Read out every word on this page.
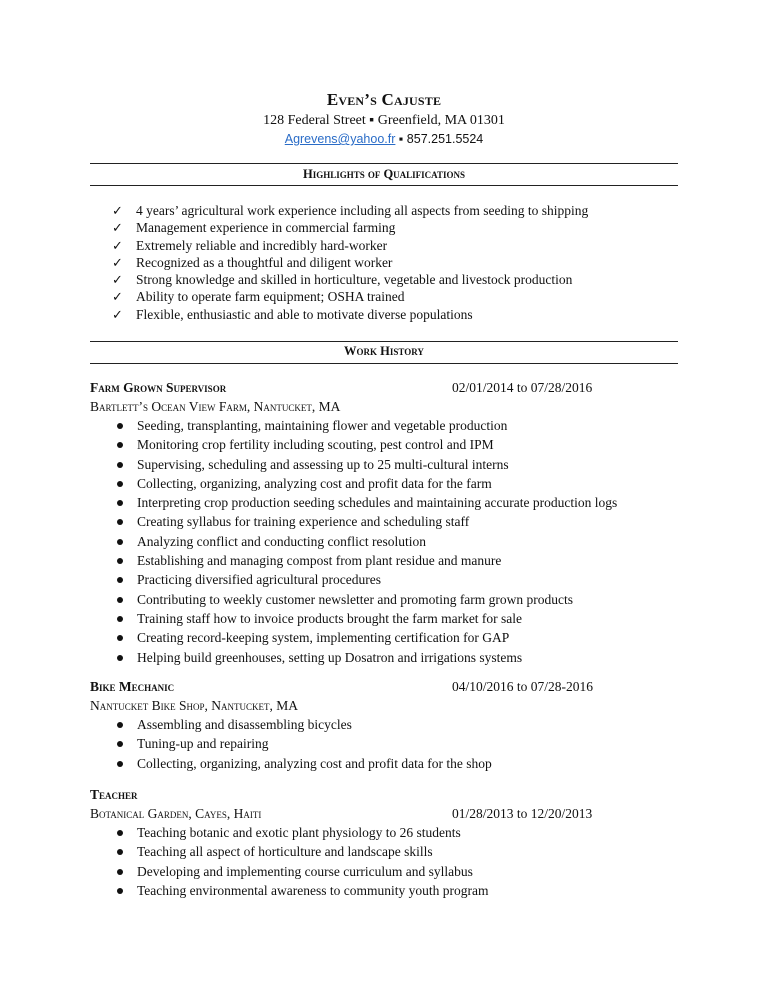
Even’s Cajuste
128 Federal Street ▪ Greenfield, MA 01301
Agrevens@yahoo.fr ▪ 857.251.5524
Highlights of Qualifications
✓ 4 years’ agricultural work experience including all aspects from seeding to shipping
✓ Management experience in commercial farming
✓ Extremely reliable and incredibly hard-worker
✓ Recognized as a thoughtful and diligent worker
✓ Strong knowledge and skilled in horticulture, vegetable and livestock production
✓ Ability to operate farm equipment; OSHA trained
✓ Flexible, enthusiastic and able to motivate diverse populations
Work History
Farm Grown Supervisor	02/01/2014 to 07/28/2016
Bartlett’s Ocean View Farm, Nantucket, MA
Seeding, transplanting, maintaining flower and vegetable production
Monitoring crop fertility including scouting, pest control and IPM
Supervising, scheduling and assessing up to 25 multi-cultural interns
Collecting, organizing, analyzing cost and profit data for the farm
Interpreting crop production seeding schedules and maintaining accurate production logs
Creating syllabus for training experience and scheduling staff
Analyzing conflict and conducting conflict resolution
Establishing and managing compost from plant residue and manure
Practicing diversified agricultural procedures
Contributing to weekly customer newsletter and promoting farm grown products
Training staff how to invoice products brought the farm market for sale
Creating record-keeping system, implementing certification for GAP
Helping build greenhouses, setting up Dosatron and irrigations systems
Bike Mechanic	04/10/2016 to 07/28-2016
Nantucket Bike Shop, Nantucket, MA
Assembling and disassembling bicycles
Tuning-up and repairing
Collecting, organizing, analyzing cost and profit data for the shop
Teacher
Botanical Garden, Cayes, Haiti	01/28/2013 to 12/20/2013
Teaching botanic and exotic plant physiology to 26 students
Teaching all aspect of horticulture and landscape skills
Developing and implementing course curriculum and syllabus
Teaching environmental awareness to community youth program
